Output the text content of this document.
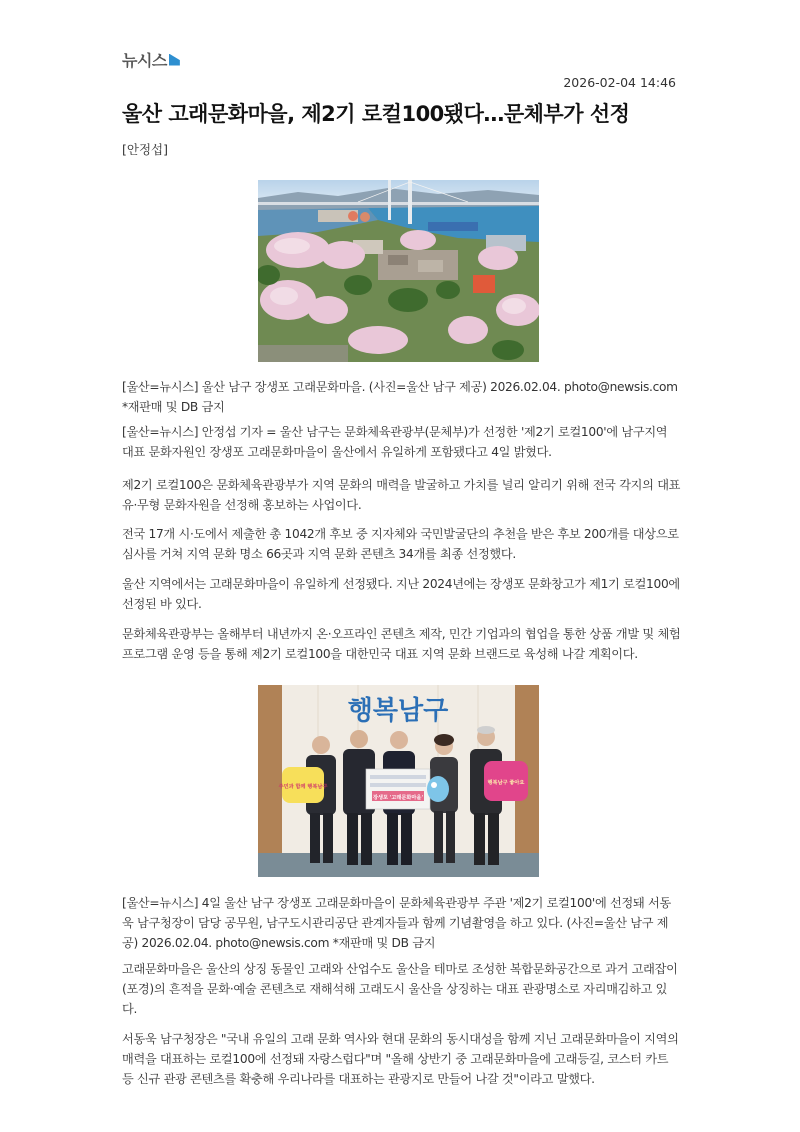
뉴시스
2026-02-04 14:46
울산 고래문화마을, 제2기 로컬100됐다…문체부가 선정
[안정섭]
[울산=뉴시스] 울산 남구 장생포 고래문화마을. (사진=울산 남구 제공) 2026.02.04. photo@newsis.com *재판매 및 DB 금지
[울산=뉴시스] 안정섭 기자 = 울산 남구는 문화체육관광부(문체부)가 선정한 '제2기 로컬100'에 남구지역 대표 문화자원인 장생포 고래문화마을이 울산에서 유일하게 포함됐다고 4일 밝혔다.
제2기 로컬100은 문화체육관광부가 지역 문화의 매력을 발굴하고 가치를 널리 알리기 위해 전국 각지의 대표 유·무형 문화자원을 선정해 홍보하는 사업이다.
전국 17개 시·도에서 제출한 총 1042개 후보 중 지자체와 국민발굴단의 추천을 받은 후보 200개를 대상으로 심사를 거쳐 지역 문화 명소 66곳과 지역 문화 콘텐츠 34개를 최종 선정했다.
울산 지역에서는 고래문화마을이 유일하게 선정됐다. 지난 2024년에는 장생포 문화창고가 제1기 로컬100에 선정된 바 있다.
문화체육관광부는 올해부터 내년까지 온·오프라인 콘텐츠 제작, 민간 기업과의 협업을 통한 상품 개발 및 체험 프로그램 운영 등을 통해 제2기 로컬100을 대한민국 대표 지역 문화 브랜드로 육성해 나갈 계획이다.
행복남구
장생포 '고래문화마을'
주민과 함께 행복남구
행복남구 좋아요
[울산=뉴시스] 4일 울산 남구 장생포 고래문화마을이 문화체육관광부 주관 '제2기 로컬100'에 선정돼 서동욱 남구청장이 담당 공무원, 남구도시관리공단 관계자들과 함께 기념촬영을 하고 있다. (사진=울산 남구 제공) 2026.02.04. photo@newsis.com *재판매 및 DB 금지
고래문화마을은 울산의 상징 동물인 고래와 산업수도 울산을 테마로 조성한 복합문화공간으로 과거 고래잡이(포경)의 흔적을 문화·예술 콘텐츠로 재해석해 고래도시 울산을 상징하는 대표 관광명소로 자리매김하고 있다.
서동욱 남구청장은 "국내 유일의 고래 문화 역사와 현대 문화의 동시대성을 함께 지닌 고래문화마을이 지역의 매력을 대표하는 로컬100에 선정돼 자랑스럽다"며 "올해 상반기 중 고래문화마을에 고래등길, 코스터 카트 등 신규 관광 콘텐츠를 확충해 우리나라를 대표하는 관광지로 만들어 나갈 것"이라고 말했다.
